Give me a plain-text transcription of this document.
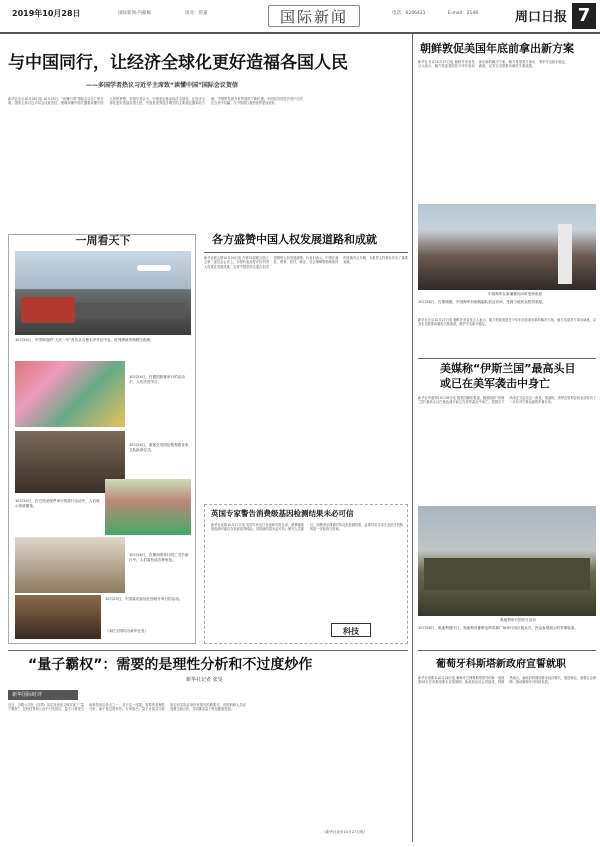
2019年10月28日	国际新闻·内蒙稿	组对：常嘉	国际新闻	电话：6246421	E-mail：2146	周口日报 7
与中国同行，让经济全球化更好造福各国人民
——多国学者热议习近平主席致“读懂中国”国际会议贺信
新华社北京10月26日电 10月25日，“读懂中国”国际会议在广州开幕。国家主席习近平向会议致贺信，强调读懂中国关键要读懂中国人民的梦想。多国学者认为，中国坚定推动经济全球化，让经济全球化更好造福各国人民。中国是世界经济增长的主要稳定器和动力源，中国的发展为世界提供了新机遇。中国同各国在开放中合作、在合作中共赢，与中国同行将使世界更加美好。
一周看天下
10月25日，中国制造的“人民一号”首次从乌鲁木齐开往中亚。班列满载货物驶往欧洲。
10月24日，在德国柏林举行的活动中，人们庆祝节日。
10月24日，游客在英国伦敦观看皇家卫队换岗仪式。
10月24日，在巴西圣保罗举行的游行活动中，人们展示传统服饰。
10月26日，在墨西哥举行的亡灵节游行中，人们装扮成各种角色。
10月25日，中国嘉宾参加在西班牙举行的活动。
（本栏文图均为新华社发）
各方盛赞中国人权发展道路和成就
新华社联合国10月24日电 在第74届联合国大会第三委员会会议上，多国代表高度评价中国人权事业发展成就，支持中国坚持走适合本国国情的人权发展道路。代表们表示，中国在减贫、教育、医疗、就业、社会保障等领域取得的成就有目共睹，为世界人权事业作出了重要贡献。
英国专家警告消费级基因检测结果未必可信
新华社伦敦10月27日电 英国专家近日发表研究报告说，消费级基因检测可能存在较高误判风险，其检测结果未必可信。研究人员建议，消费者应谨慎对待此类检测结果，必要时应寻求专业医疗机构的进一步检查与咨询。
科技
“量子霸权”：需要的是理性分析和不过度炒作
新华社记者 张旻
新华国际时评
近日，谷歌公司在《自然》杂志发表论文称实现了“量子霸权”，在科技界和公众中引发热议。量子计算是当前科技前沿热点之一，对于这一成果，需要的是理性分析，而不是过度炒作。专家指出，量子计算从实验室走向实际应用仍有很长的路要走，各国科研人员应加强交流合作，共同推动量子科技健康发展。
（新华社北京10月27日电）
朝鲜敦促美国年底前拿出新方案
新华社北京10月27日电 朝鲜外务省发言人表示，朝方敦促美国在今年年底前拿出新的解决方案。朝方希望美方拿出诚意，以务实态度推动朝美关系改善，维护半岛和平稳定。
中国海军在柬埔寨访问时受到欢迎
10月26日，在柬埔寨，中国海军训练舰编队抵达访问，受到当地民众热烈欢迎。
新华社北京10月27日电 朝鲜外务省发言人表示，朝方敦促美国在今年年底前拿出新的解决方案。朝方希望美方拿出诚意，以务实态度推动朝美关系改善，维护半岛和平稳定。
美媒称“伊斯兰国”最高头目
或已在美军袭击中身亡
新华社华盛顿10月26日电 据美国媒体报道，极端组织“伊斯兰国”最高头目巴格达迪可能已在美军袭击中身亡。美国官方尚未正式证实这一消息。报道称，美军在叙利亚西北部发动了一次针对巴格达迪的军事行动。
奥地利举行国庆日活动
10月26日，奥地利国庆日，奥地利首都维也纳英雄广场举行国庆阅兵式，民众参观展示的军事装备。
葡萄牙科斯塔新政府宣誓就职
新华社里斯本10月26日电 葡萄牙总理科斯塔领导的新一届政府26日在首都里斯本宣誓就职。新政府由社会党组成，科斯塔表示，新政府将继续推动经济增长，促进就业，加强社会保障，推动葡萄牙可持续发展。
